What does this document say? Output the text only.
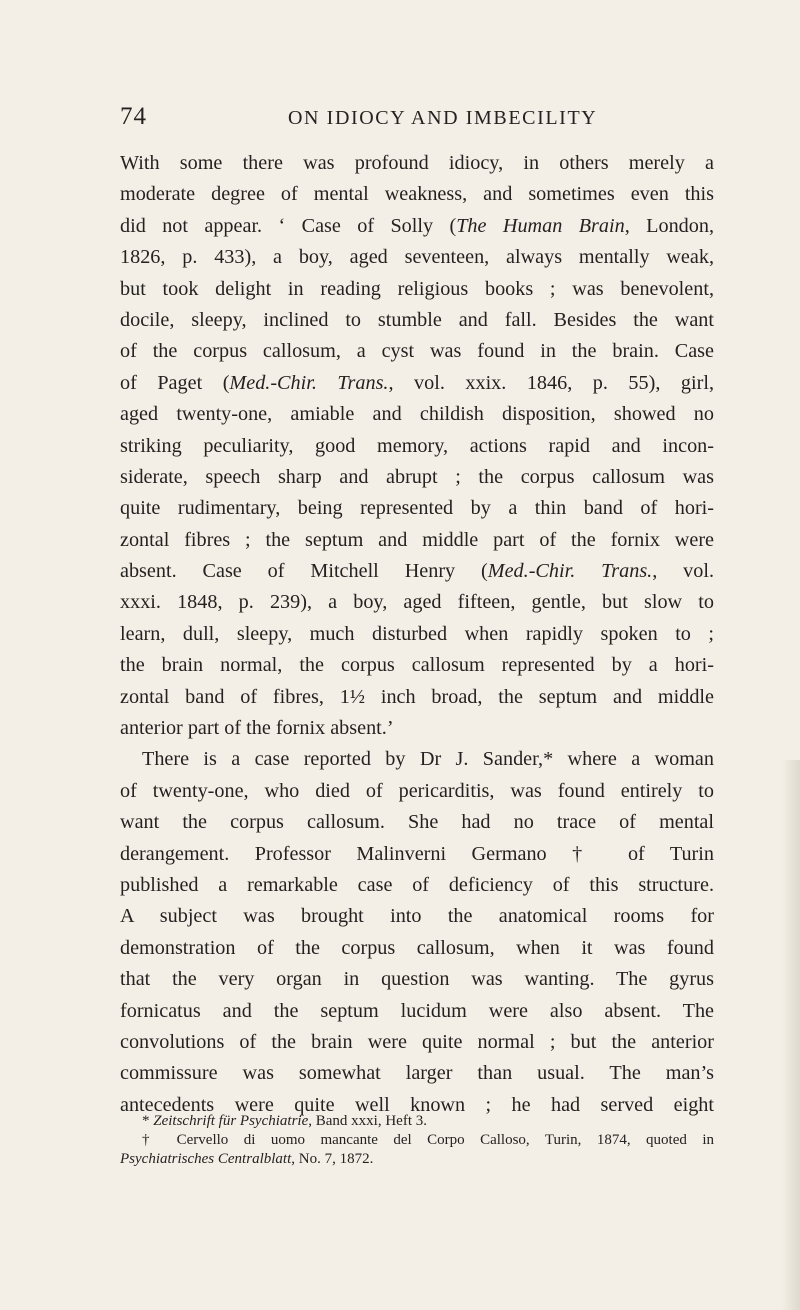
74	ON IDIOCY AND IMBECILITY
With some there was profound idiocy, in others merely a
moderate degree of mental weakness, and sometimes even this
did not appear. ‘ Case of Solly (The Human Brain, London,
1826, p. 433), a boy, aged seventeen, always mentally weak,
but took delight in reading religious books ; was benevolent,
docile, sleepy, inclined to stumble and fall. Besides the want
of the corpus callosum, a cyst was found in the brain. Case
of Paget (Med.-Chir. Trans., vol. xxix. 1846, p. 55), girl,
aged twenty-one, amiable and childish disposition, showed no
striking peculiarity, good memory, actions rapid and incon-
siderate, speech sharp and abrupt ; the corpus callosum was
quite rudimentary, being represented by a thin band of hori-
zontal fibres ; the septum and middle part of the fornix were
absent. Case of Mitchell Henry (Med.-Chir. Trans., vol.
xxxi. 1848, p. 239), a boy, aged fifteen, gentle, but slow to
learn, dull, sleepy, much disturbed when rapidly spoken to ;
the brain normal, the corpus callosum represented by a hori-
zontal band of fibres, 1½ inch broad, the septum and middle
anterior part of the fornix absent.’
There is a case reported by Dr J. Sander,* where a woman
of twenty-one, who died of pericarditis, was found entirely to
want the corpus callosum. She had no trace of mental
derangement. Professor Malinverni Germano † of Turin
published a remarkable case of deficiency of this structure.
A subject was brought into the anatomical rooms for
demonstration of the corpus callosum, when it was found
that the very organ in question was wanting. The gyrus
fornicatus and the septum lucidum were also absent. The
convolutions of the brain were quite normal ; but the anterior
commissure was somewhat larger than usual. The man’s
antecedents were quite well known ; he had served eight
* Zeitschrift für Psychiatrie, Band xxxi, Heft 3.
† Cervello di uomo mancante del Corpo Calloso, Turin, 1874, quoted in
Psychiatrisches Centralblatt, No. 7, 1872.
